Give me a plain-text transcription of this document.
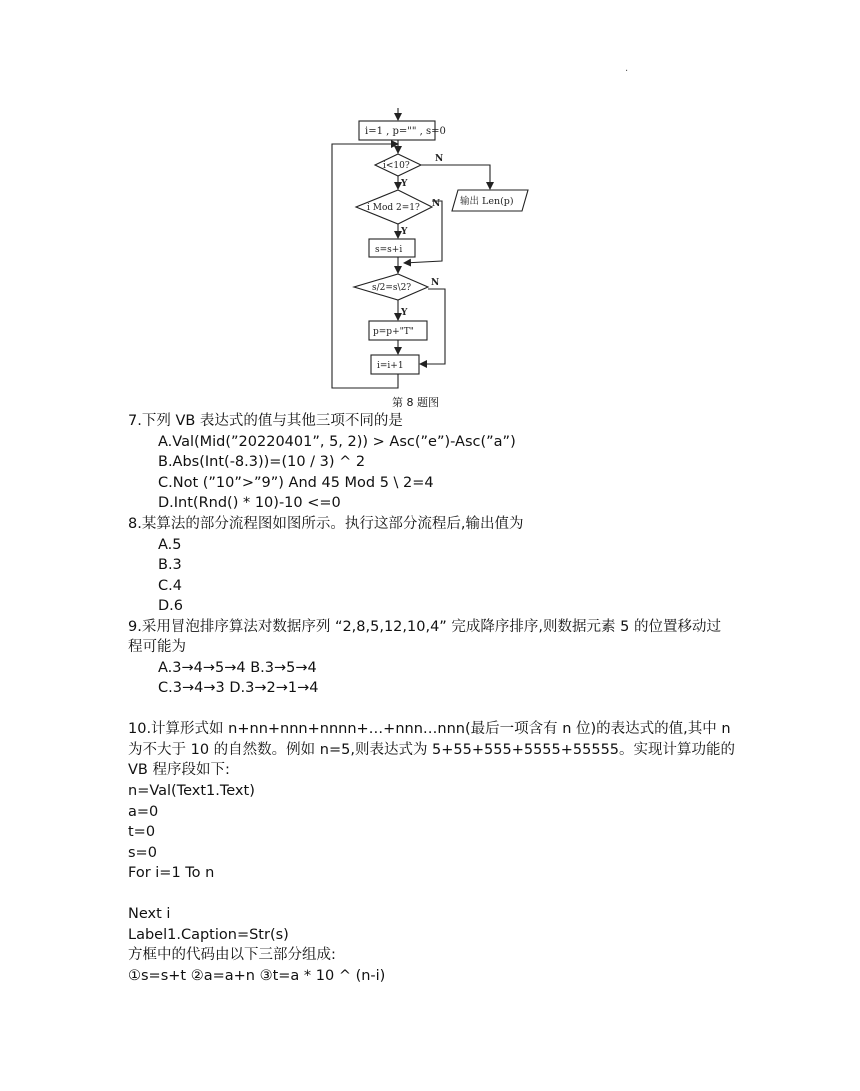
·
i=1 , p="" , s=0
i<10?
N
输出 Len(p)
Y
i Mod 2=1? N
Y
s=s+i
s/2=s\2? N
Y
p=p+"T"
i=i+1
第 8 题图
7.下列 VB 表达式的值与其他三项不同的是
A.Val(Mid(”20220401”, 5, 2)) > Asc(”e”)-Asc(”a”)
B.Abs(Int(-8.3))=(10 / 3) ^ 2
C.Not (”10”>”9”) And 45 Mod 5 \ 2=4
D.Int(Rnd() * 10)-10 <=0
8.某算法的部分流程图如图所示。执行这部分流程后,输出值为
A.5
B.3
C.4
D.6
9.采用冒泡排序算法对数据序列 “2,8,5,12,10,4” 完成降序排序,则数据元素 5 的位置移动过
程可能为
A.3→4→5→4 B.3→5→4
C.3→4→3 D.3→2→1→4
10.计算形式如 n+nn+nnn+nnnn+…+nnn…nnn(最后一项含有 n 位)的表达式的值,其中 n
为不大于 10 的自然数。例如 n=5,则表达式为 5+55+555+5555+55555。实现计算功能的
VB 程序段如下:
n=Val(Text1.Text)
a=0
t=0
s=0
For i=1 To n
Next i
Label1.Caption=Str(s)
方框中的代码由以下三部分组成:
①s=s+t ②a=a+n ③t=a * 10 ^ (n-i)
